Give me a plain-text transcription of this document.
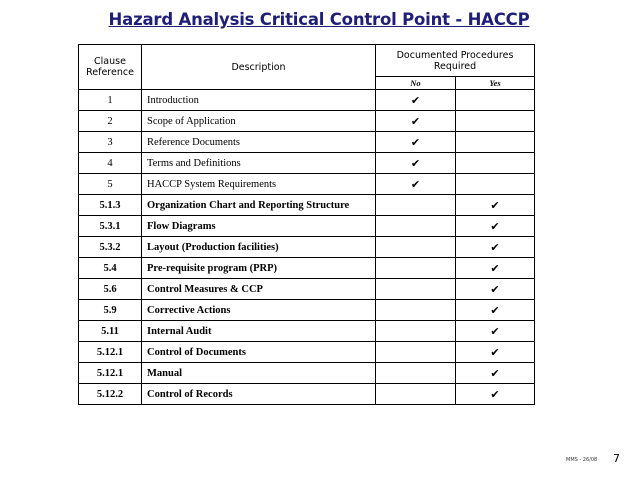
Hazard Analysis Critical Control Point - HACCP
Clause
Reference	Description	Documented Procedures
Required	
		No	Yes
1	Introduction	✔	
2	Scope of Application	✔	
3	Reference Documents	✔	
4	Terms and Definitions	✔	
5	HACCP System Requirements	✔	
5.1.3	Organization Chart and Reporting Structure		✔
5.3.1	Flow Diagrams		✔
5.3.2	Layout (Production facilities)		✔
5.4	Pre-requisite program (PRP)		✔
5.6	Control Measures & CCP		✔
5.9	Corrective Actions		✔
5.11	Internal Audit		✔
5.12.1	Control of Documents		✔
5.12.1	Manual		✔
5.12.2	Control of Records		✔
MMS - 26/08 7
